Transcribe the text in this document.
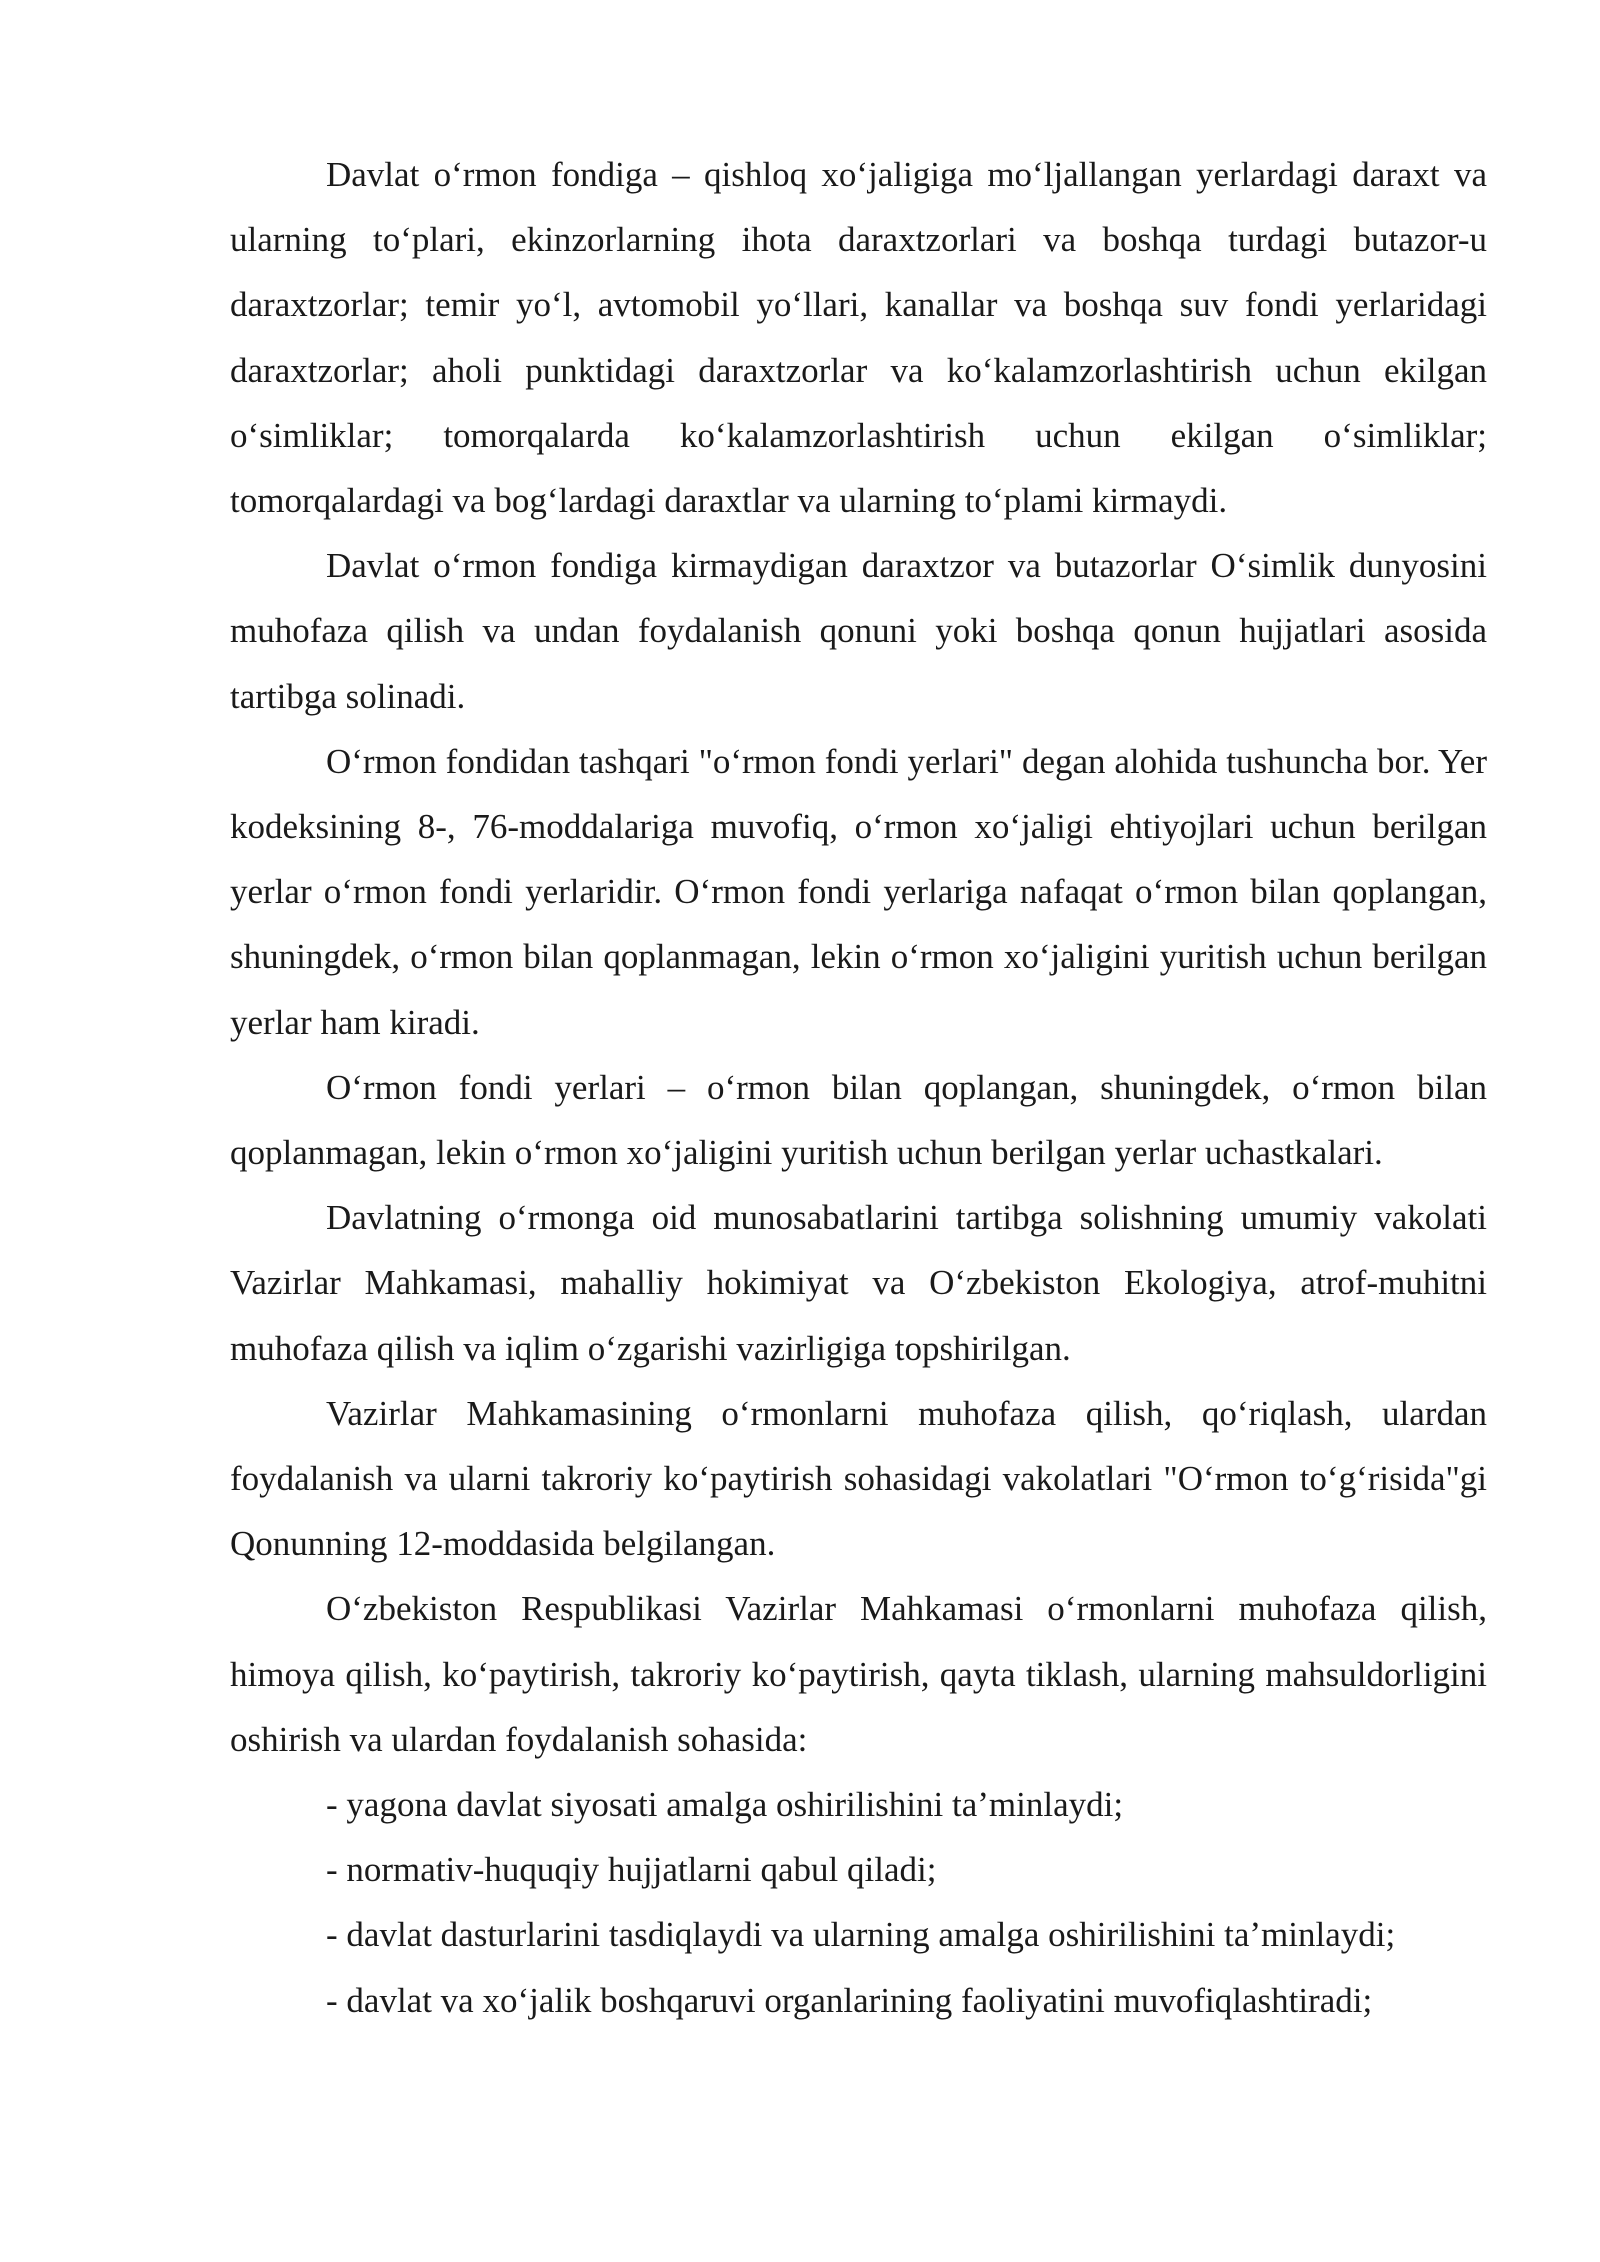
Davlat oʻrmon fondiga – qishloq xoʻjaligiga moʻljallangan yerlardagi daraxt va ularning toʻplari, ekinzorlarning ihota daraxtzorlari va boshqa turdagi butazor-u daraxtzorlar; temir yoʻl, avtomobil yoʻllari, kanallar va boshqa suv fondi yerlaridagi daraxtzorlar; aholi punktidagi daraxtzorlar va koʻkalamzorlashtirish uchun ekilgan oʻsimliklar; tomorqalarda koʻkalamzorlashtirish uchun ekilgan oʻsimliklar; tomorqalardagi va bogʻlardagi daraxtlar va ularning toʻplami kirmaydi.

Davlat oʻrmon fondiga kirmaydigan daraxtzor va butazorlar Oʻsimlik dunyosini muhofaza qilish va undan foydalanish qonuni yoki boshqa qonun hujjatlari asosida tartibga solinadi.

Oʻrmon fondidan tashqari "oʻrmon fondi yerlari" degan alohida tushuncha bor. Yer kodeksining 8-, 76-moddalariga muvofiq, oʻrmon xoʻjaligi ehtiyojlari uchun berilgan yerlar oʻrmon fondi yerlaridir. Oʻrmon fondi yerlariga nafaqat oʻrmon bilan qoplangan, shuningdek, oʻrmon bilan qoplanmagan, lekin oʻrmon xoʻjaligini yuritish uchun berilgan yerlar ham kiradi.

Oʻrmon fondi yerlari – oʻrmon bilan qoplangan, shuningdek, oʻrmon bilan qoplanmagan, lekin oʻrmon xoʻjaligini yuritish uchun berilgan yerlar uchastkalari.

Davlatning oʻrmonga oid munosabatlarini tartibga solishning umumiy vakolati Vazirlar Mahkamasi, mahalliy hokimiyat va Oʻzbekiston Ekologiya, atrof-muhitni muhofaza qilish va iqlim oʻzgarishi vazirligiga topshirilgan.

Vazirlar Mahkamasining oʻrmonlarni muhofaza qilish, qoʻriqlash, ulardan foydalanish va ularni takroriy koʻpaytirish sohasidagi vakolatlari "Oʻrmon toʻgʻrisida"gi Qonunning 12-moddasida belgilangan.

Oʻzbekiston Respublikasi Vazirlar Mahkamasi oʻrmonlarni muhofaza qilish, himoya qilish, koʻpaytirish, takroriy koʻpaytirish, qayta tiklash, ularning mahsuldorligini oshirish va ulardan foydalanish sohasida:

- yagona davlat siyosati amalga oshirilishini taʼminlaydi;

- normativ-huquqiy hujjatlarni qabul qiladi;

- davlat dasturlarini tasdiqlaydi va ularning amalga oshirilishini taʼminlaydi;

- davlat va xoʻjalik boshqaruvi organlarining faoliyatini muvofiqlashtiradi;
